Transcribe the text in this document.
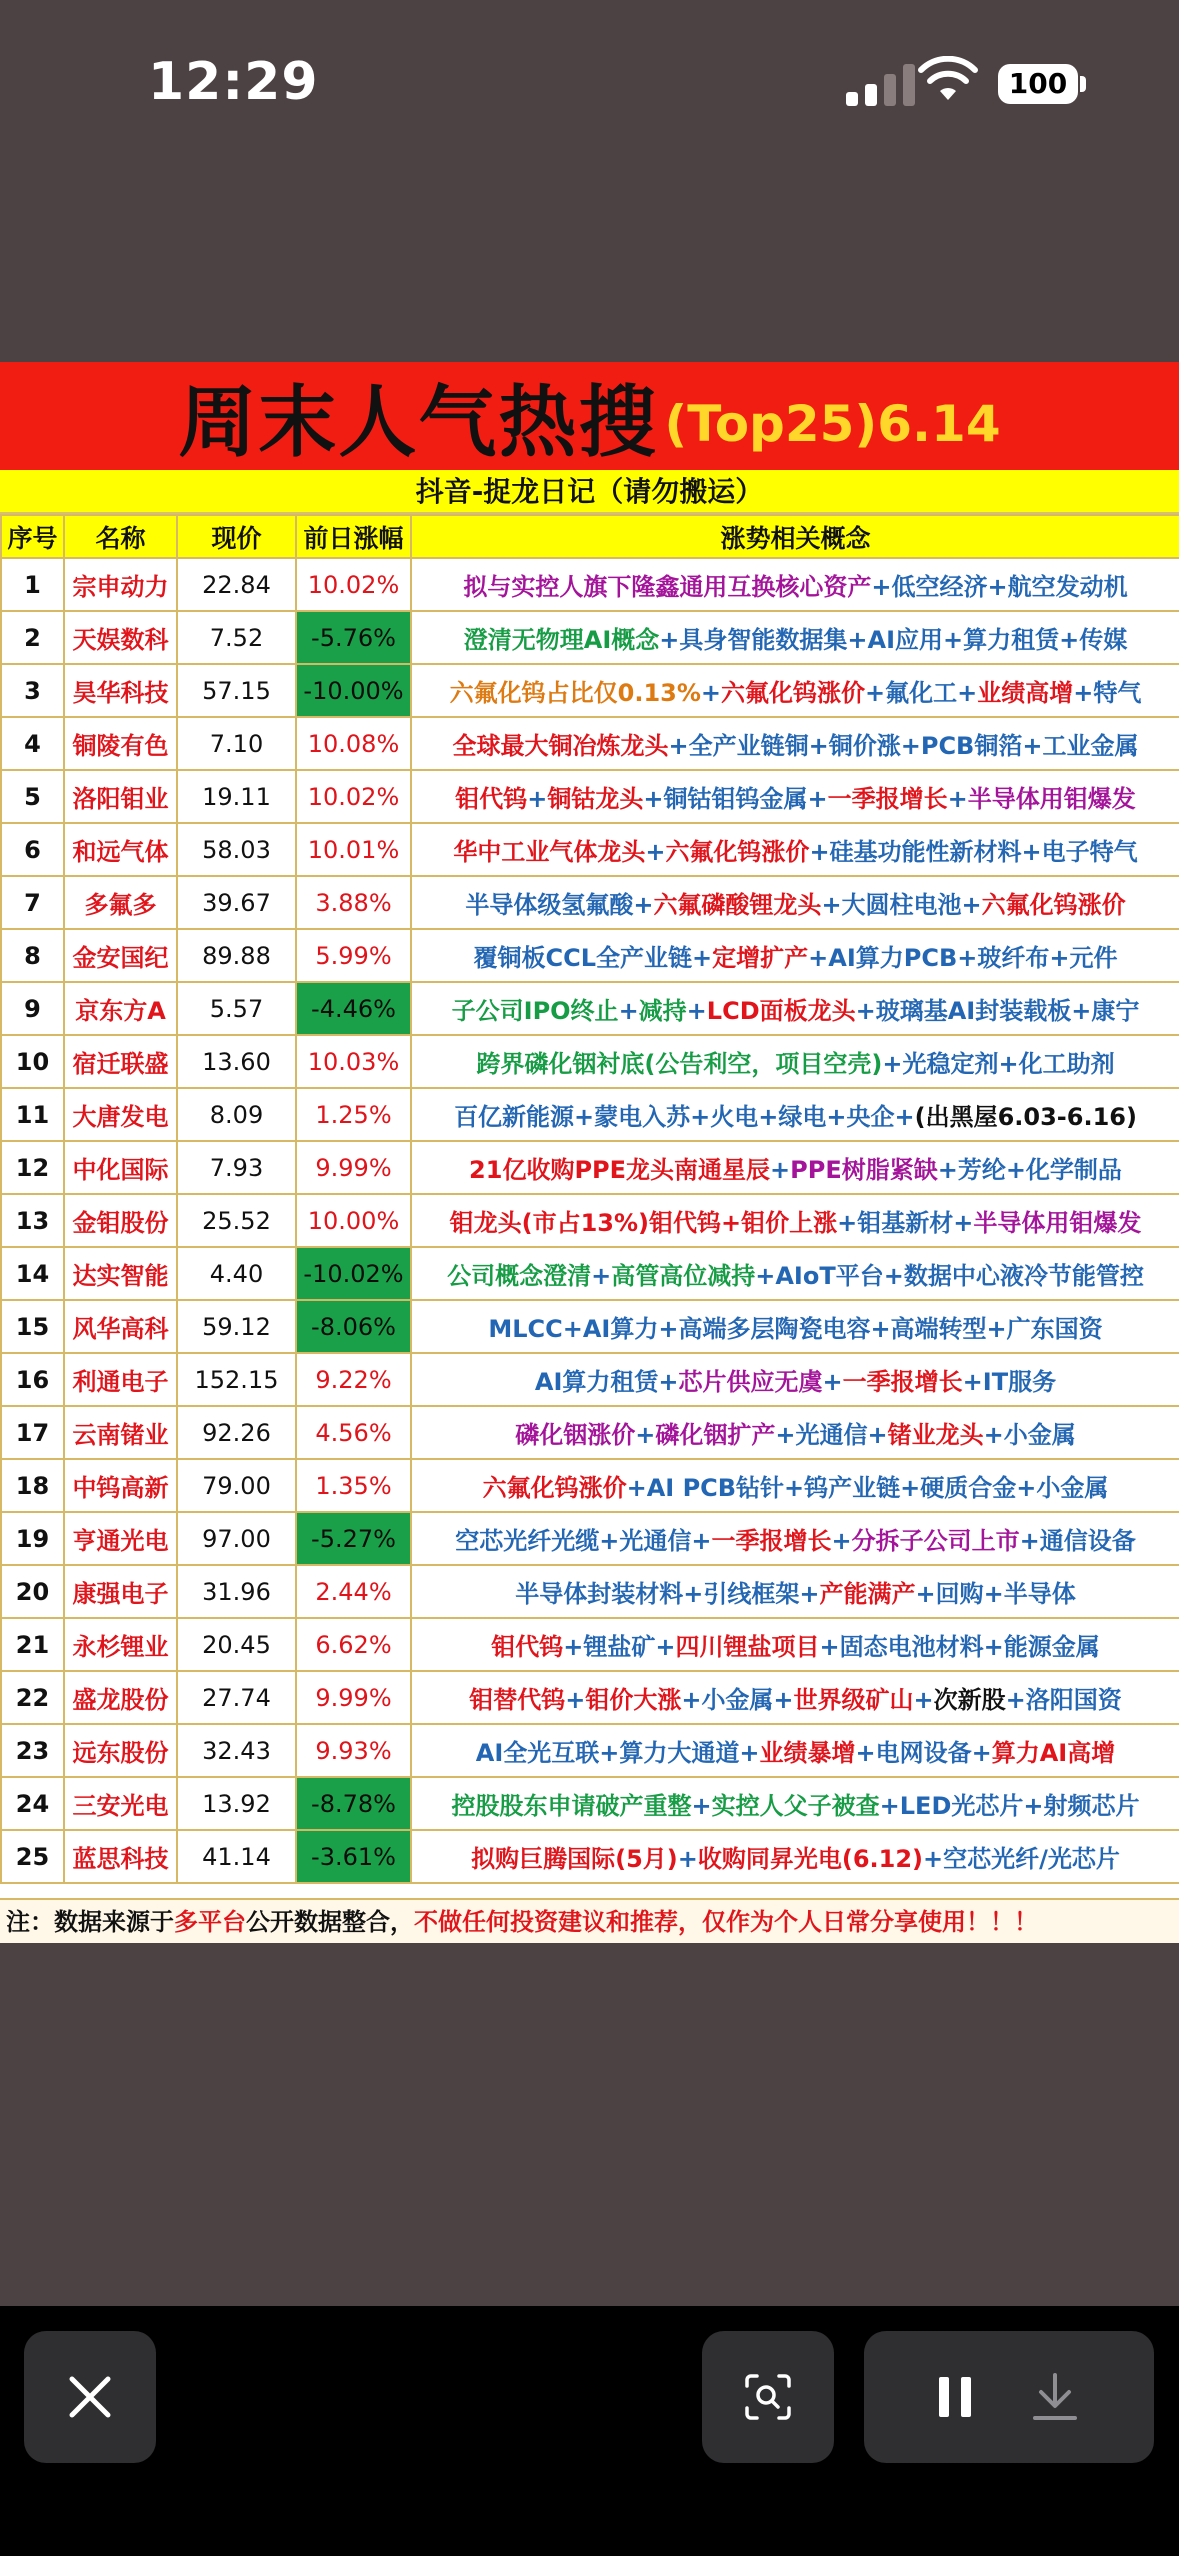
12:29	100
周末人气热搜 (Top25)6.14
抖音-捉龙日记（请勿搬运）
序号	名称	现价	前日涨幅	涨势相关概念
1	宗申动力	22.84	10.02%	拟与实控人旗下隆鑫通用互换核心资产+低空经济+航空发动机
2	天娱数科	7.52	-5.76%	澄清无物理AI概念+具身智能数据集+AI应用+算力租赁+传媒
3	昊华科技	57.15	-10.00%	六氟化钨占比仅0.13%+六氟化钨涨价+氟化工+业绩高增+特气
4	铜陵有色	7.10	10.08%	全球最大铜冶炼龙头+全产业链铜+铜价涨+PCB铜箔+工业金属
5	洛阳钼业	19.11	10.02%	钼代钨+铜钴龙头+铜钴钼钨金属+一季报增长+半导体用钼爆发
6	和远气体	58.03	10.01%	华中工业气体龙头+六氟化钨涨价+硅基功能性新材料+电子特气
7	多氟多	39.67	3.88%	半导体级氢氟酸+六氟磷酸锂龙头+大圆柱电池+六氟化钨涨价
8	金安国纪	89.88	5.99%	覆铜板CCL全产业链+定增扩产+AI算力PCB+玻纤布+元件
9	京东方A	5.57	-4.46%	子公司IPO终止+减持+LCD面板龙头+玻璃基AI封装载板+康宁
10	宿迁联盛	13.60	10.03%	跨界磷化铟衬底(公告利空，项目空壳)+光稳定剂+化工助剂
11	大唐发电	8.09	1.25%	百亿新能源+蒙电入苏+火电+绿电+央企+(出黑屋6.03-6.16)
12	中化国际	7.93	9.99%	21亿收购PPE龙头南通星辰+PPE树脂紧缺+芳纶+化学制品
13	金钼股份	25.52	10.00%	钼龙头(市占13%)钼代钨+钼价上涨+钼基新材+半导体用钼爆发
14	达实智能	4.40	-10.02%	公司概念澄清+高管高位减持+AIoT平台+数据中心液冷节能管控
15	风华高科	59.12	-8.06%	MLCC+AI算力+高端多层陶瓷电容+高端转型+广东国资
16	利通电子	152.15	9.22%	AI算力租赁+芯片供应无虞+一季报增长+IT服务
17	云南锗业	92.26	4.56%	磷化铟涨价+磷化铟扩产+光通信+锗业龙头+小金属
18	中钨高新	79.00	1.35%	六氟化钨涨价+AI PCB钻针+钨产业链+硬质合金+小金属
19	亨通光电	97.00	-5.27%	空芯光纤光缆+光通信+一季报增长+分拆子公司上市+通信设备
20	康强电子	31.96	2.44%	半导体封装材料+引线框架+产能满产+回购+半导体
21	永杉锂业	20.45	6.62%	钼代钨+锂盐矿+四川锂盐项目+固态电池材料+能源金属
22	盛龙股份	27.74	9.99%	钼替代钨+钼价大涨+小金属+世界级矿山+次新股+洛阳国资
23	远东股份	32.43	9.93%	AI全光互联+算力大通道+业绩暴增+电网设备+算力AI高增
24	三安光电	13.92	-8.78%	控股股东申请破产重整+实控人父子被查+LED光芯片+射频芯片
25	蓝思科技	41.14	-3.61%	拟购巨腾国际(5月)+收购同昇光电(6.12)+空芯光纤/光芯片
注：数据来源于多平台公开数据整合，不做任何投资建议和推荐，仅作为个人日常分享使用！！！
